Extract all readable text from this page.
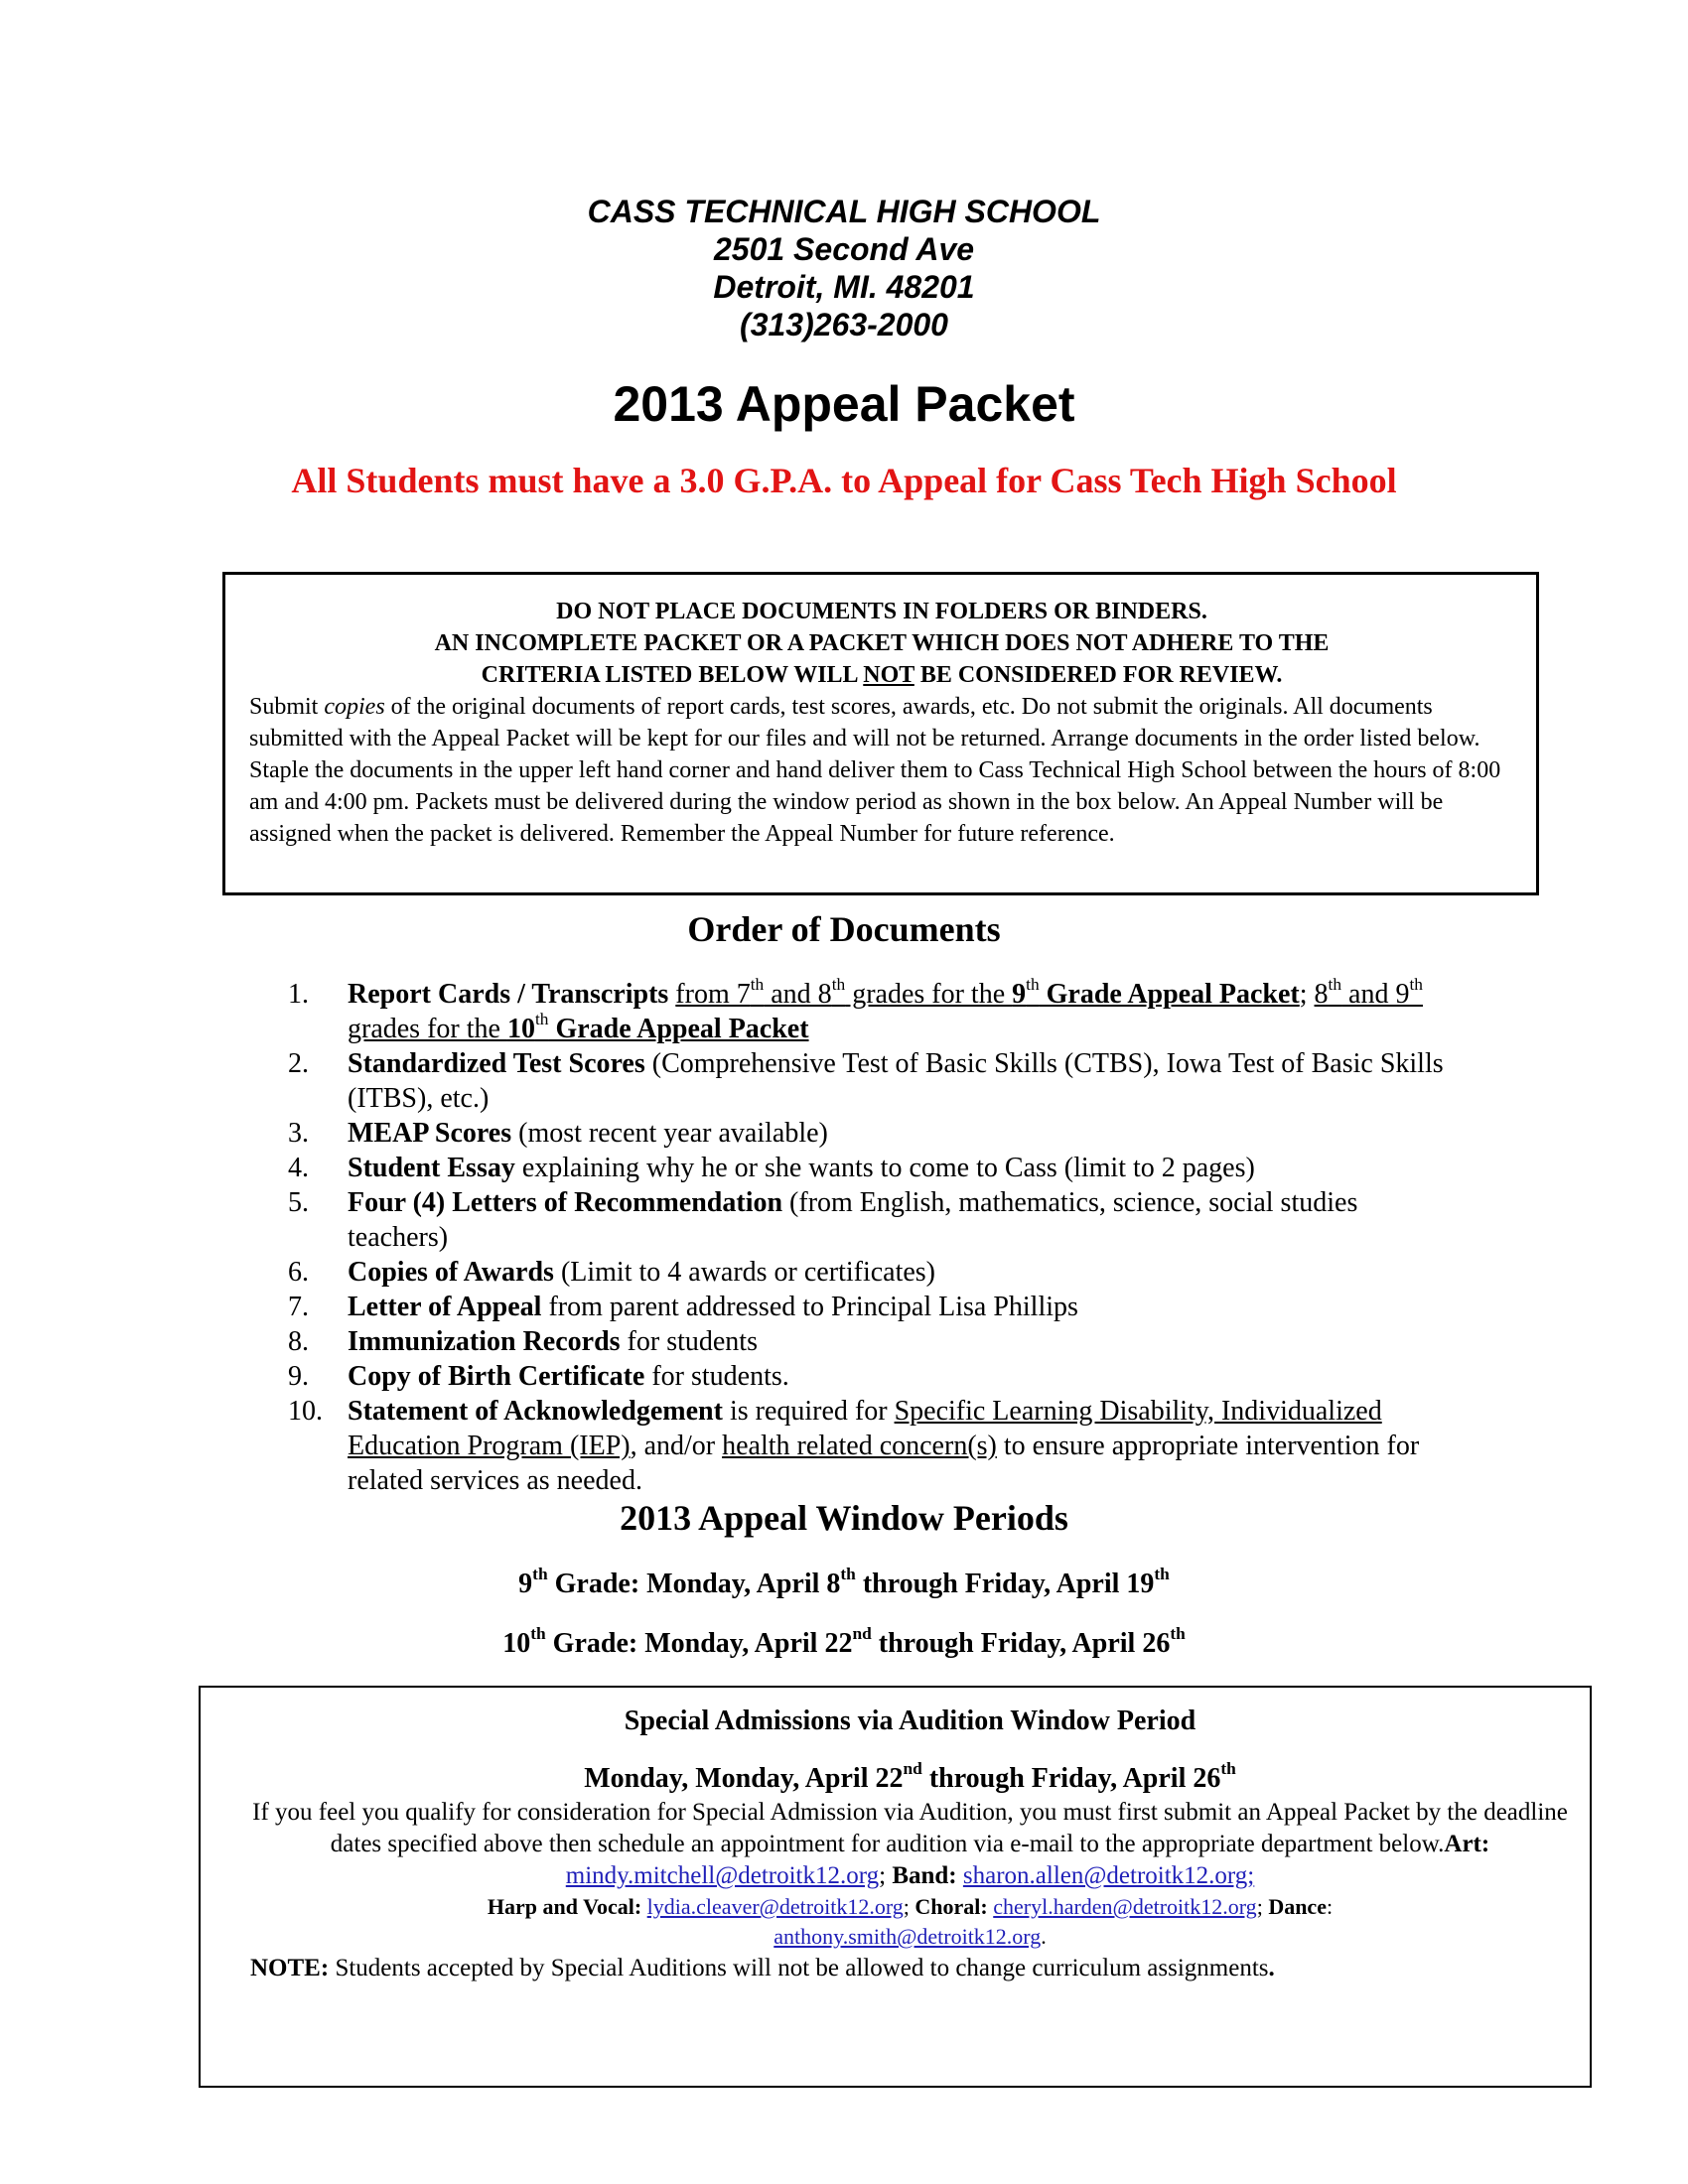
CASS TECHNICAL HIGH SCHOOL
2501 Second Ave
Detroit, MI. 48201
(313)263-2000
2013 Appeal Packet
All Students must have a 3.0 G.P.A. to Appeal for Cass Tech High School
DO NOT PLACE DOCUMENTS IN FOLDERS OR BINDERS.
AN INCOMPLETE PACKET OR A PACKET WHICH DOES NOT ADHERE TO THE
CRITERIA LISTED BELOW WILL NOT BE CONSIDERED FOR REVIEW.
Submit copies of the original documents of report cards, test scores, awards, etc. Do not submit the originals. All documents submitted with the Appeal Packet will be kept for our files and will not be returned. Arrange documents in the order listed below. Staple the documents in the upper left hand corner and hand deliver them to Cass Technical High School between the hours of 8:00 am and 4:00 pm. Packets must be delivered during the window period as shown in the box below. An Appeal Number will be assigned when the packet is delivered. Remember the Appeal Number for future reference.
Order of Documents
1.	Report Cards / Transcripts from 7th and 8th grades for the 9th Grade Appeal Packet; 8th and 9th grades for the 10th Grade Appeal Packet
2.	Standardized Test Scores (Comprehensive Test of Basic Skills (CTBS), Iowa Test of Basic Skills (ITBS), etc.)
3.	MEAP Scores (most recent year available)
4.	Student Essay explaining why he or she wants to come to Cass (limit to 2 pages)
5.	Four (4) Letters of Recommendation (from English, mathematics, science, social studies teachers)
6.	Copies of Awards (Limit to 4 awards or certificates)
7.	Letter of Appeal from parent addressed to Principal Lisa Phillips
8.	Immunization Records for students
9.	Copy of Birth Certificate for students.
10. Statement of Acknowledgement is required for Specific Learning Disability, Individualized Education Program (IEP), and/or health related concern(s) to ensure appropriate intervention for related services as needed.
2013 Appeal Window Periods
9th Grade: Monday, April 8th through Friday, April 19th
10th Grade: Monday, April 22nd through Friday, April 26th
Special Admissions via Audition Window Period
Monday, Monday, April 22nd through Friday, April 26th
If you feel you qualify for consideration for Special Admission via Audition, you must first submit an Appeal Packet by the deadline dates specified above then schedule an appointment for audition via e-mail to the appropriate department below.Art: mindy.mitchell@detroitk12.org; Band: sharon.allen@detroitk12.org;
Harp and Vocal: lydia.cleaver@detroitk12.org; Choral: cheryl.harden@detroitk12.org; Dance:
anthony.smith@detroitk12.org.
NOTE: Students accepted by Special Auditions will not be allowed to change curriculum assignments.
